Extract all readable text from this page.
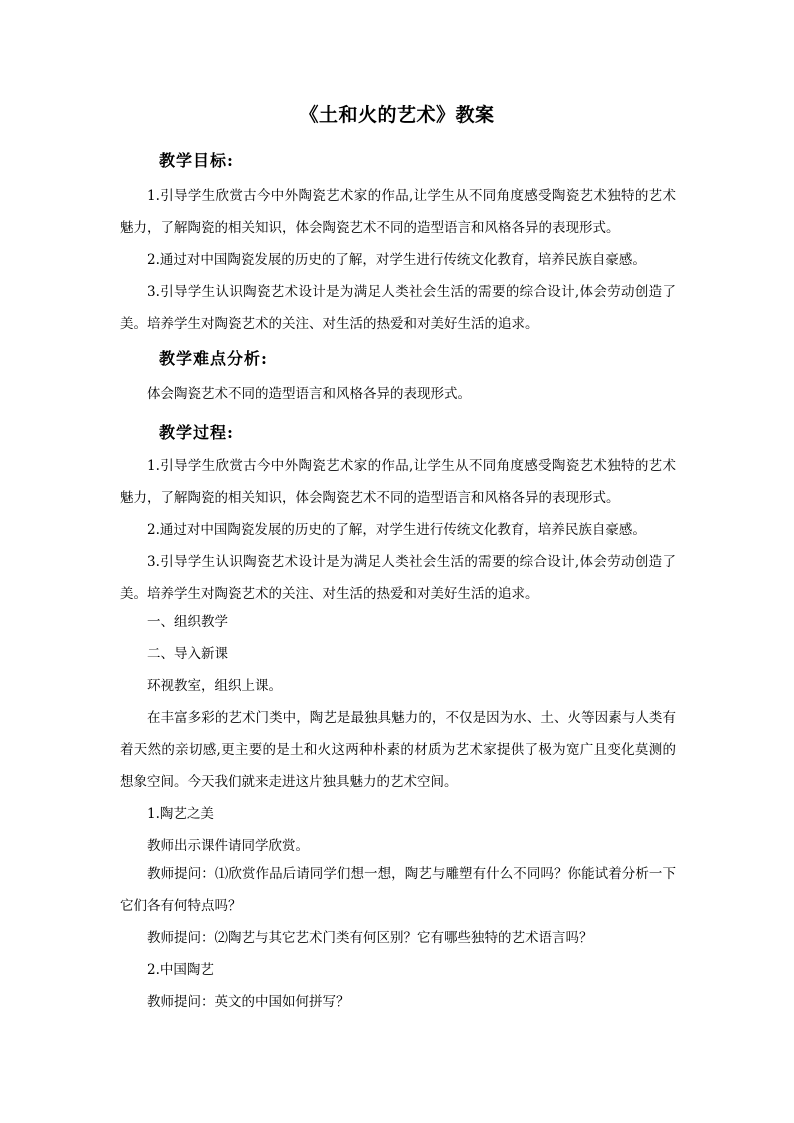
《土和火的艺术》教案
教学目标:
1.引导学生欣赏古今中外陶瓷艺术家的作品,让学生从不同角度感受陶瓷艺术独特的艺术魅力，了解陶瓷的相关知识，体会陶瓷艺术不同的造型语言和风格各异的表现形式。
2.通过对中国陶瓷发展的历史的了解，对学生进行传统文化教育，培养民族自豪感。
3.引导学生认识陶瓷艺术设计是为满足人类社会生活的需要的综合设计,体会劳动创造了美。培养学生对陶瓷艺术的关注、对生活的热爱和对美好生活的追求。
教学难点分析:
体会陶瓷艺术不同的造型语言和风格各异的表现形式。
教学过程:
1.引导学生欣赏古今中外陶瓷艺术家的作品,让学生从不同角度感受陶瓷艺术独特的艺术魅力，了解陶瓷的相关知识，体会陶瓷艺术不同的造型语言和风格各异的表现形式。
2.通过对中国陶瓷发展的历史的了解，对学生进行传统文化教育，培养民族自豪感。
3.引导学生认识陶瓷艺术设计是为满足人类社会生活的需要的综合设计,体会劳动创造了美。培养学生对陶瓷艺术的关注、对生活的热爱和对美好生活的追求。
一、组织教学
二、导入新课
环视教室，组织上课。
在丰富多彩的艺术门类中，陶艺是最独具魅力的，不仅是因为水、土、火等因素与人类有着天然的亲切感,更主要的是土和火这两种朴素的材质为艺术家提供了极为宽广且变化莫测的想象空间。今天我们就来走进这片独具魅力的艺术空间。
1.陶艺之美
教师出示课件请同学欣赏。
教师提问：⑴欣赏作品后请同学们想一想，陶艺与雕塑有什么不同吗？你能试着分析一下它们各有何特点吗？
教师提问：⑵陶艺与其它艺术门类有何区别？它有哪些独特的艺术语言吗？
2.中国陶艺
教师提问：英文的中国如何拼写？
